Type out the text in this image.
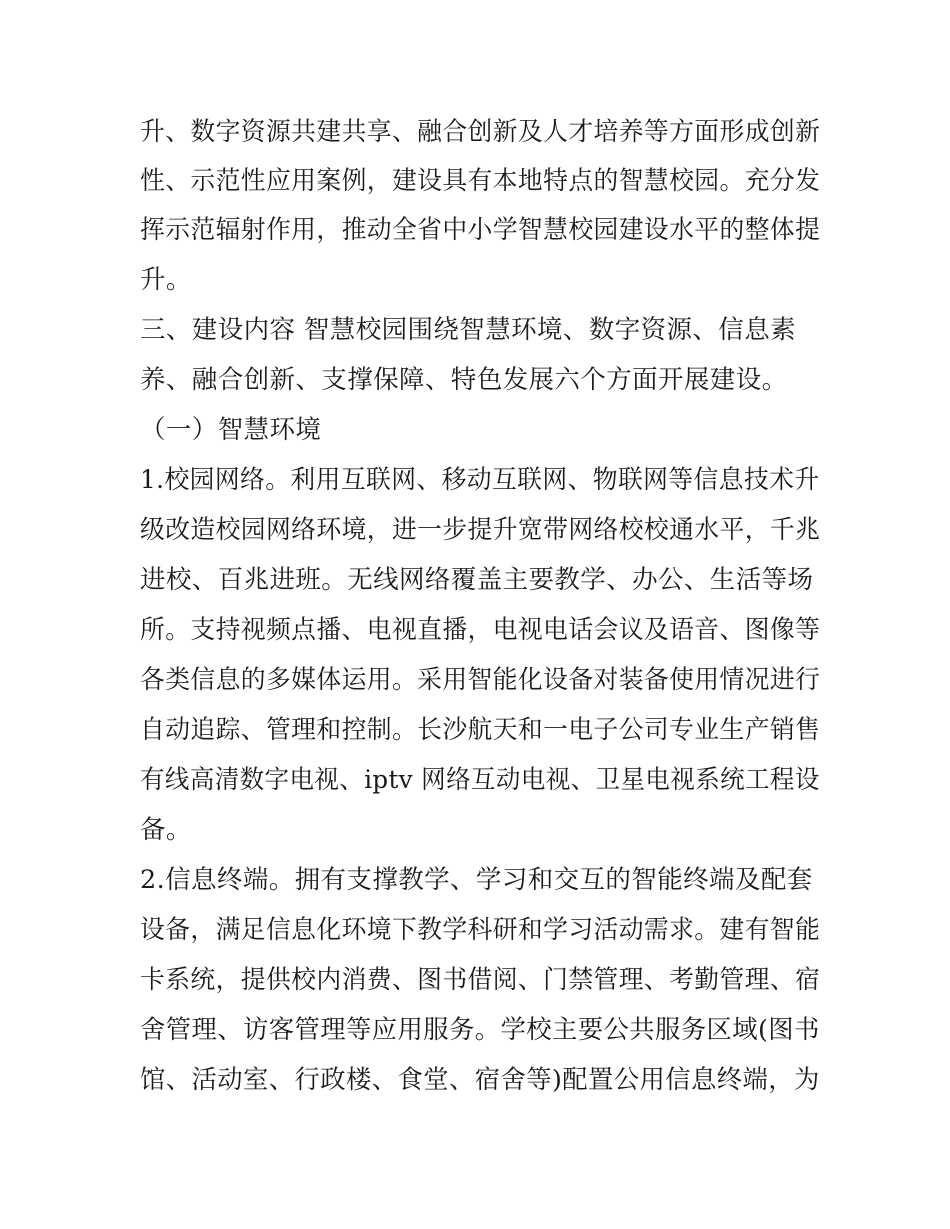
升、数字资源共建共享、融合创新及人才培养等方面形成创新
性、示范性应用案例，建设具有本地特点的智慧校园。充分发
挥示范辐射作用，推动全省中小学智慧校园建设水平的整体提
升。
三、建设内容 智慧校园围绕智慧环境、数字资源、信息素
养、融合创新、支撑保障、特色发展六个方面开展建设。
（一）智慧环境
1.校园网络。利用互联网、移动互联网、物联网等信息技术升
级改造校园网络环境，进一步提升宽带网络校校通水平，千兆
进校、百兆进班。无线网络覆盖主要教学、办公、生活等场
所。支持视频点播、电视直播，电视电话会议及语音、图像等
各类信息的多媒体运用。采用智能化设备对装备使用情况进行
自动追踪、管理和控制。长沙航天和一电子公司专业生产销售
有线高清数字电视、iptv 网络互动电视、卫星电视系统工程设
备。
2.信息终端。拥有支撑教学、学习和交互的智能终端及配套
设备，满足信息化环境下教学科研和学习活动需求。建有智能
卡系统，提供校内消费、图书借阅、门禁管理、考勤管理、宿
舍管理、访客管理等应用服务。学校主要公共服务区域(图书
馆、活动室、行政楼、食堂、宿舍等)配置公用信息终端，为
